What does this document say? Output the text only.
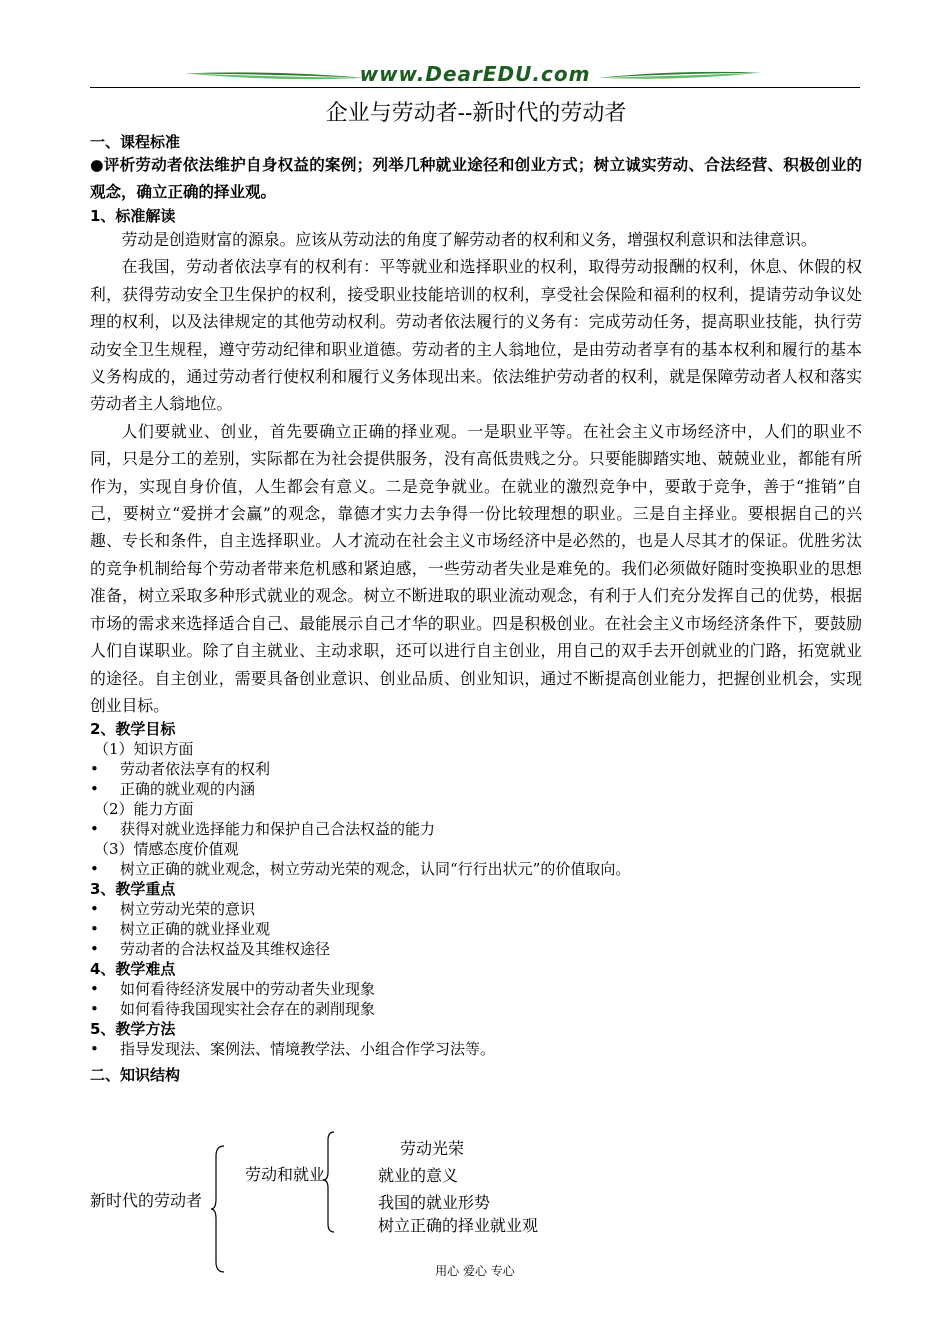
www.DearEDU.com

企业与劳动者--新时代的劳动者

一、课程标准

●评析劳动者依法维护自身权益的案例；列举几种就业途径和创业方式；树立诚实劳动、合法经营、积极创业的观念，确立正确的择业观。

1、标准解读

劳动是创造财富的源泉。应该从劳动法的角度了解劳动者的权利和义务，增强权利意识和法律意识。

在我国，劳动者依法享有的权利有：平等就业和选择职业的权利，取得劳动报酬的权利，休息、休假的权利，获得劳动安全卫生保护的权利，接受职业技能培训的权利，享受社会保险和福利的权利，提请劳动争议处理的权利，以及法律规定的其他劳动权利。劳动者依法履行的义务有：完成劳动任务，提高职业技能，执行劳动安全卫生规程，遵守劳动纪律和职业道德。劳动者的主人翁地位，是由劳动者享有的基本权利和履行的基本义务构成的，通过劳动者行使权利和履行义务体现出来。依法维护劳动者的权利，就是保障劳动者人权和落实劳动者主人翁地位。

人们要就业、创业，首先要确立正确的择业观。一是职业平等。在社会主义市场经济中，人们的职业不同，只是分工的差别，实际都在为社会提供服务，没有高低贵贱之分。只要能脚踏实地、兢兢业业，都能有所作为，实现自身价值，人生都会有意义。二是竞争就业。在就业的激烈竞争中，要敢于竞争，善于“推销”自己，要树立“爱拼才会赢”的观念，靠德才实力去争得一份比较理想的职业。三是自主择业。要根据自己的兴趣、专长和条件，自主选择职业。人才流动在社会主义市场经济中是必然的，也是人尽其才的保证。优胜劣汰的竞争机制给每个劳动者带来危机感和紧迫感，一些劳动者失业是难免的。我们必须做好随时变换职业的思想准备，树立采取多种形式就业的观念。树立不断进取的职业流动观念，有利于人们充分发挥自己的优势，根据市场的需求来选择适合自己、最能展示自己才华的职业。四是积极创业。在社会主义市场经济条件下，要鼓励人们自谋职业。除了自主就业、主动求职，还可以进行自主创业，用自己的双手去开创就业的门路，拓宽就业的途径。自主创业，需要具备创业意识、创业品质、创业知识，通过不断提高创业能力，把握创业机会，实现创业目标。

2、教学目标

（1）知识方面

• 劳动者依法享有的权利

• 正确的就业观的内涵

（2）能力方面

• 获得对就业选择能力和保护自己合法权益的能力

（3）情感态度价值观

• 树立正确的就业观念，树立劳动光荣的观念，认同“行行出状元”的价值取向。

3、教学重点

• 树立劳动光荣的意识

• 树立正确的就业择业观

• 劳动者的合法权益及其维权途径

4、教学难点

• 如何看待经济发展中的劳动者失业现象

• 如何看待我国现实社会存在的剥削现象

5、教学方法

• 指导发现法、案例法、情境教学法、小组合作学习法等。

二、知识结构

新时代的劳动者
劳动和就业
劳动光荣
就业的意义
我国的就业形势
树立正确的择业就业观
用心 爱心 专心
